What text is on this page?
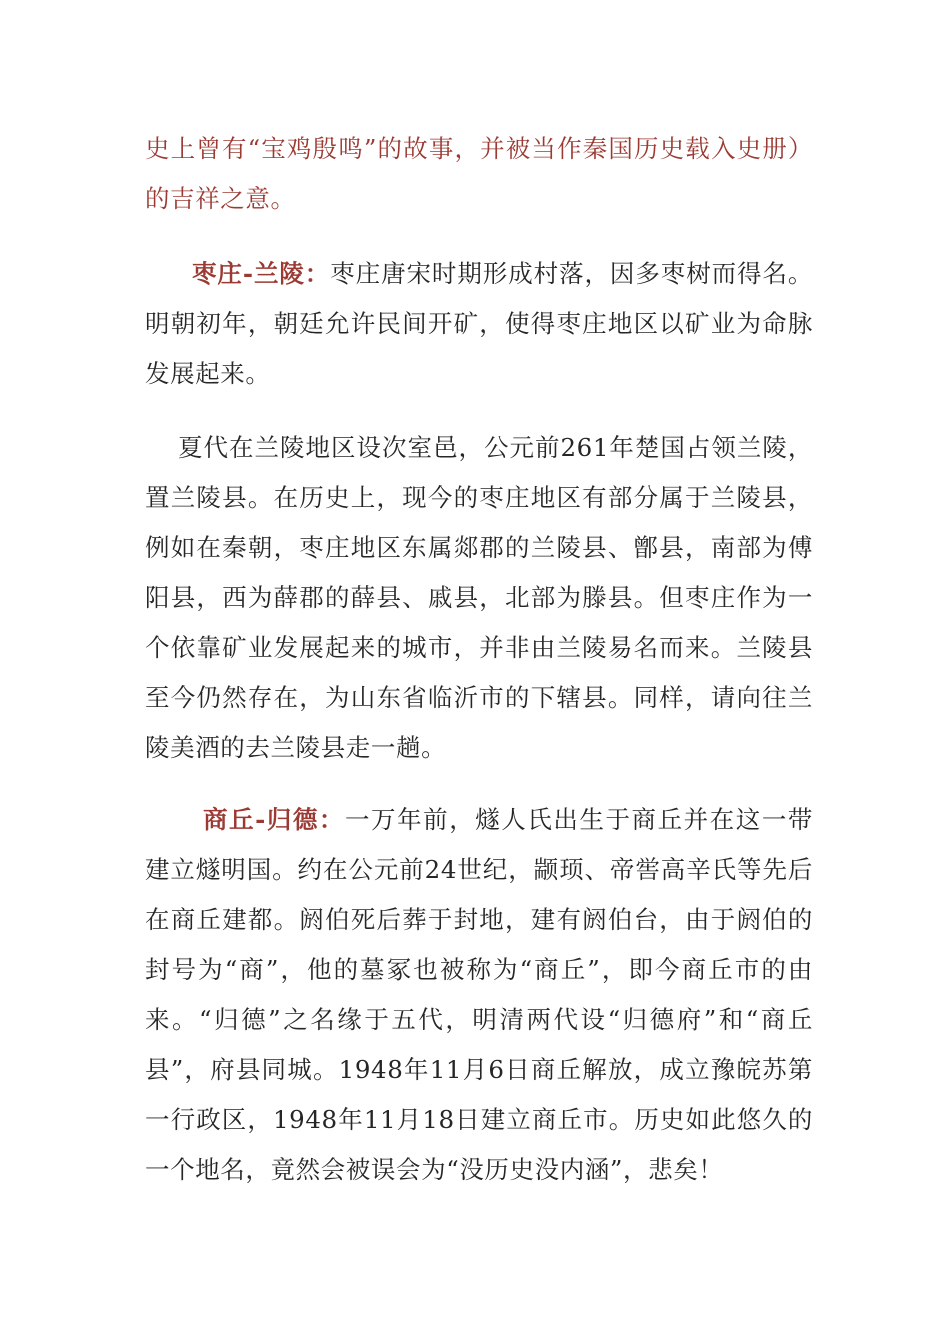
史上曾有“宝鸡殷鸣”的故事，并被当作秦国历史载入史册）的吉祥之意。

枣庄-兰陵：枣庄唐宋时期形成村落，因多枣树而得名。明朝初年，朝廷允许民间开矿，使得枣庄地区以矿业为命脉发展起来。

夏代在兰陵地区设次室邑，公元前261年楚国占领兰陵，置兰陵县。在历史上，现今的枣庄地区有部分属于兰陵县，例如在秦朝，枣庄地区东属郯郡的兰陵县、鄫县，南部为傅阳县，西为薛郡的薛县、戚县，北部为滕县。但枣庄作为一个依靠矿业发展起来的城市，并非由兰陵易名而来。兰陵县至今仍然存在，为山东省临沂市的下辖县。同样，请向往兰陵美酒的去兰陵县走一趟。

商丘-归德：一万年前，燧人氏出生于商丘并在这一带建立燧明国。约在公元前24世纪，颛顼、帝喾高辛氏等先后在商丘建都。阏伯死后葬于封地，建有阏伯台，由于阏伯的封号为“商”，他的墓冢也被称为“商丘”，即今商丘市的由来。“归德”之名缘于五代，明清两代设“归德府”和“商丘县”，府县同城。1948年11月6日商丘解放，成立豫皖苏第一行政区，1948年11月18日建立商丘市。历史如此悠久的一个地名，竟然会被误会为“没历史没内涵”，悲矣！
